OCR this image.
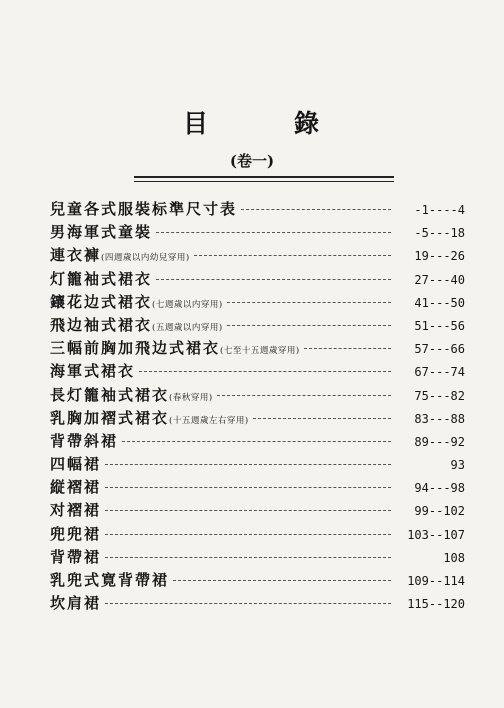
目	錄
(卷一)
兒童各式服裝标準尺寸表	-1----4
男海軍式童裝	-5---18
連衣褲 (四週歲以内幼兒穿用)	19---26
灯籠袖式裙衣	27---40
鑲花边式裙衣 (七週歲以内穿用)	41---50
飛边袖式裙衣 (五週歲以内穿用)	51---56
三幅前胸加飛边式裙衣 (七至十五週歲穿用)	57---66
海軍式裙衣	67---74
長灯籠袖式裙衣 (春秋穿用)	75---82
乳胸加褶式裙衣 (十五週歲左右穿用)	83---88
背帶斜裙	89---92
四幅裙	93
縦褶裙	94---98
对褶裙	99--102
兜兜裙	103--107
背帶裙	108
乳兜式寛背帶裙	109--114
坎肩裙	115--120
